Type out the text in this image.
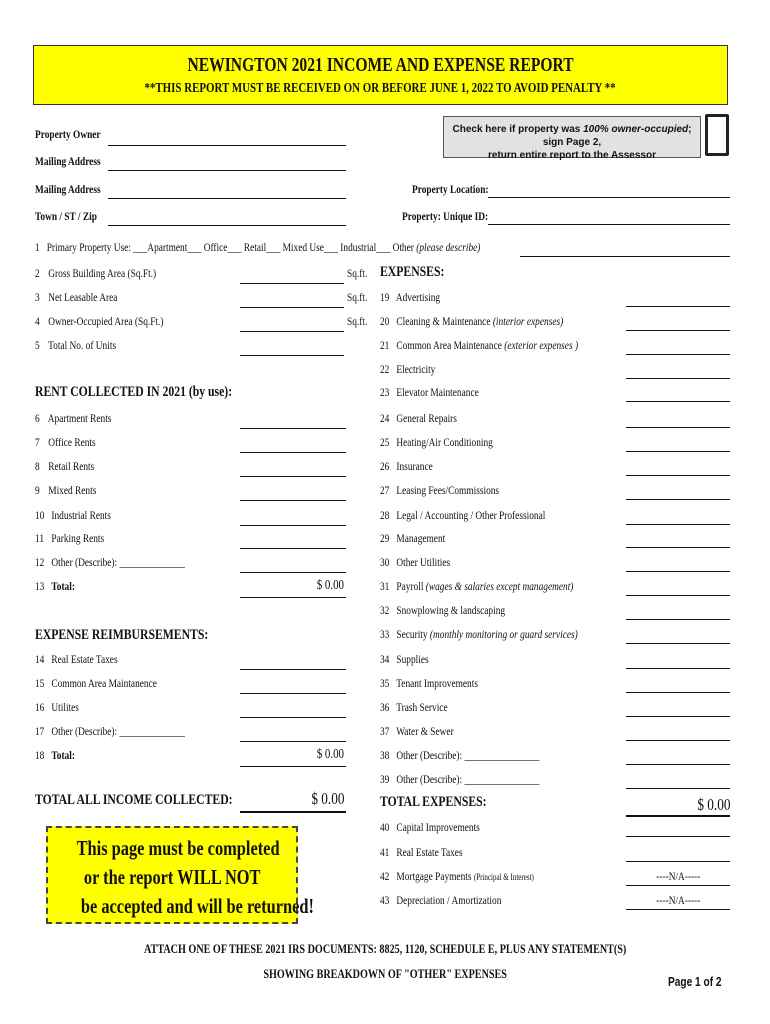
NEWINGTON 2021 INCOME AND EXPENSE REPORT
**THIS REPORT MUST BE RECEIVED ON OR BEFORE JUNE 1, 2022 TO AVOID PENALTY **
Check here if property was 100% owner-occupied; sign Page 2,
return entire report to the Assessor
Property Owner
Mailing Address
Mailing Address
Town / ST / Zip
Property Location:
Property: Unique ID:
1 Primary Property Use: ___Apartment___ Office___ Retail___ Mixed Use___ Industrial___ Other (please describe)
2 Gross Building Area (Sq.Ft.)	Sq.ft.
3 Net Leasable Area	Sq.ft.
4 Owner-Occupied Area (Sq.Ft.)	Sq.ft.
5 Total No. of Units
RENT COLLECTED IN 2021 (by use):
6 Apartment Rents
7 Office Rents
8 Retail Rents
9 Mixed Rents
10 Industrial Rents
11 Parking Rents
12 Other (Describe): ______________
13 Total:	$ 0.00
EXPENSE REIMBURSEMENTS:
14 Real Estate Taxes
15 Common Area Maintanence
16 Utilites
17 Other (Describe): ______________
18 Total:	$ 0.00
TOTAL ALL INCOME COLLECTED:	$ 0.00
This page must be completed
or the report WILL NOT
be accepted and will be returned!
EXPENSES:
19 Advertising
20 Cleaning & Maintenance (interior expenses)
21 Common Area Maintenance (exterior expenses )
22 Electricity
23 Elevator Maintenance
24 General Repairs
25 Heating/Air Conditioning
26 Insurance
27 Leasing Fees/Commissions
28 Legal / Accounting / Other Professional
29 Management
30 Other Utilities
31 Payroll (wages & salaries except management)
32 Snowplowing & landscaping
33 Security (monthly monitoring or guard services)
34 Supplies
35 Tenant Improvements
36 Trash Service
37 Water & Sewer
38 Other (Describe): ________________
39 Other (Describe): ________________
TOTAL EXPENSES:	$ 0.00
40 Capital Improvements
41 Real Estate Taxes
42 Mortgage Payments (Principal & Interest)	----N/A-----
43 Depreciation / Amortization	----N/A-----
ATTACH ONE OF THESE 2021 IRS DOCUMENTS: 8825, 1120, SCHEDULE E, PLUS ANY STATEMENT(S)
SHOWING BREAKDOWN OF "OTHER" EXPENSES
Page 1 of 2
